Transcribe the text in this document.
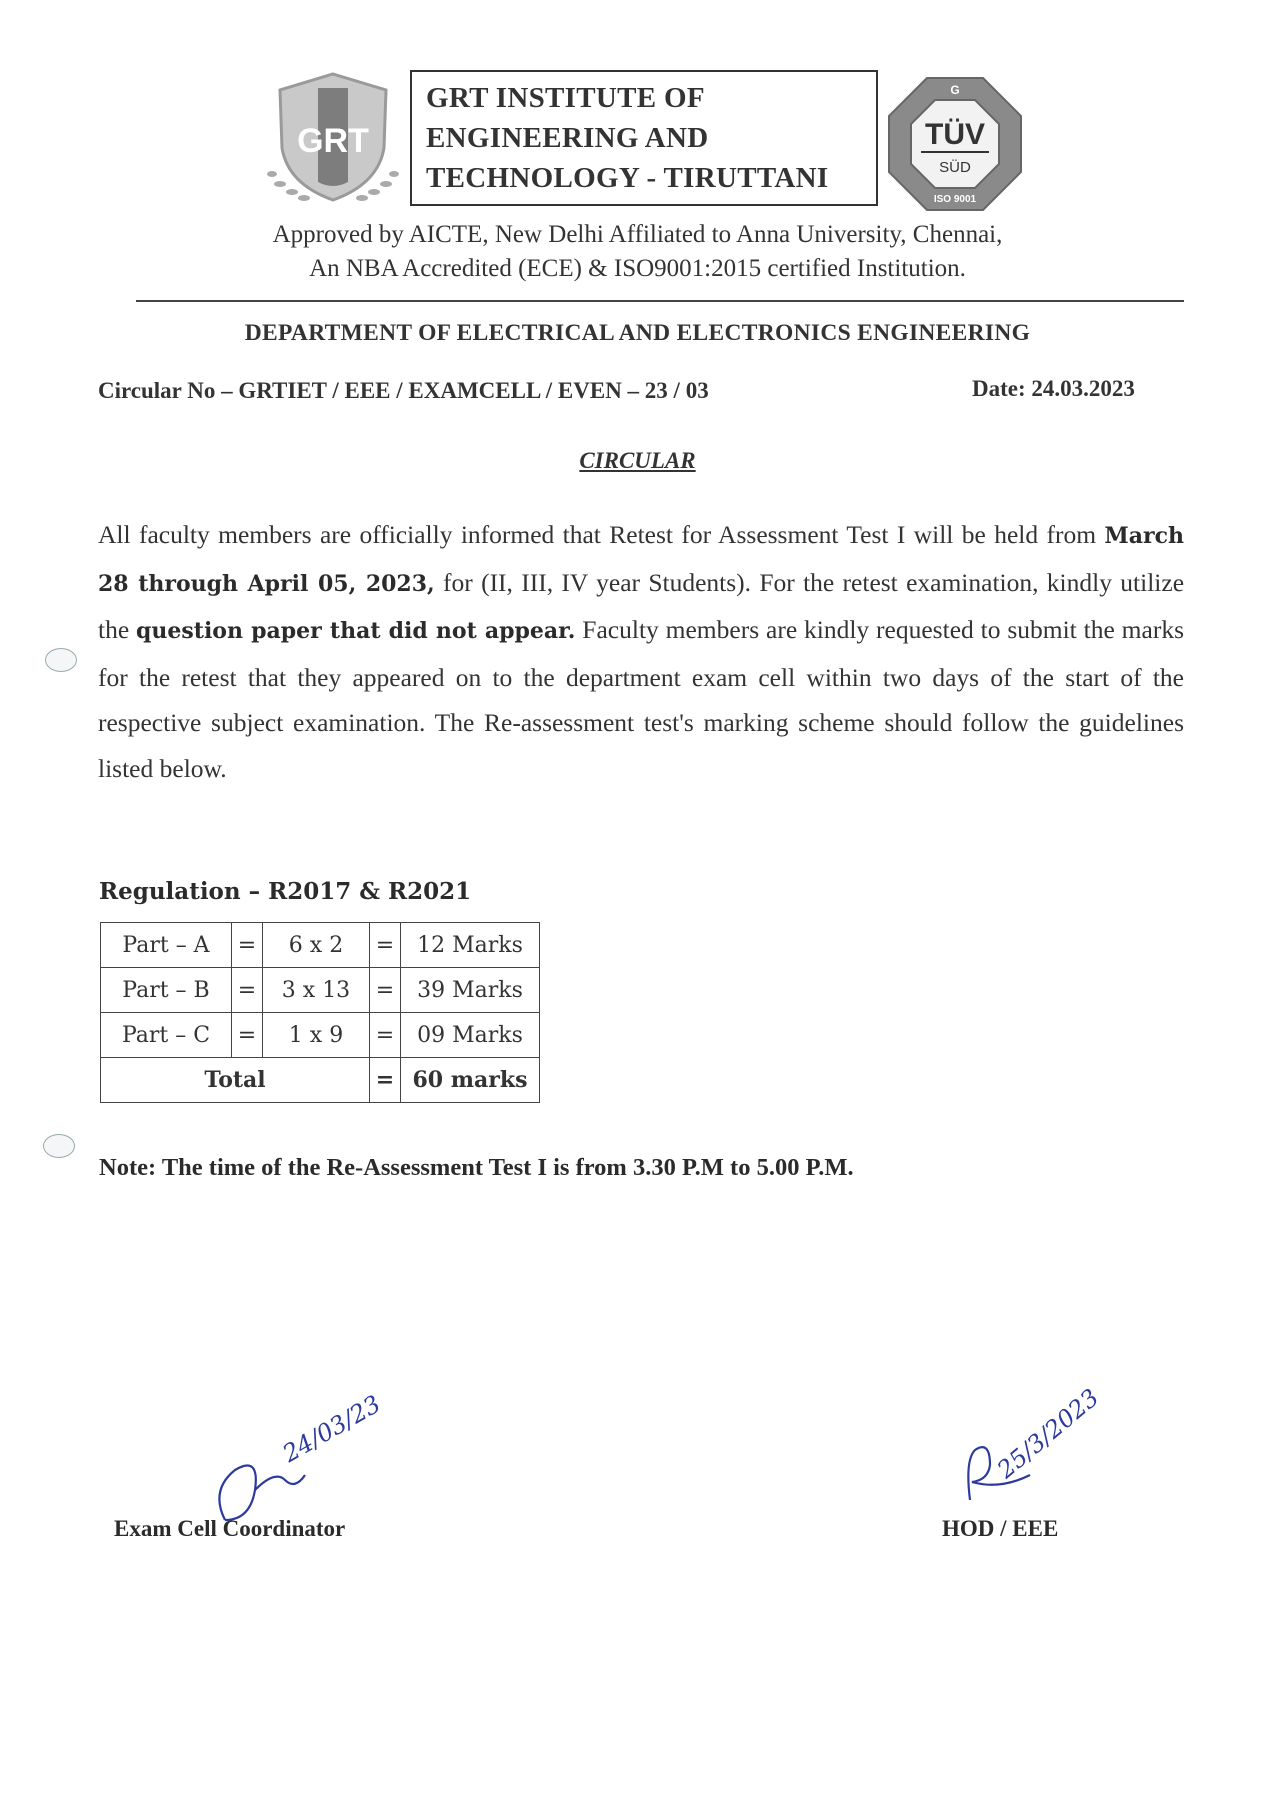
GRT
GRT INSTITUTE OF
ENGINEERING AND
TECHNOLOGY - TIRUTTANI
G
TÜV
SÜD
ISO 9001
Approved by AICTE, New Delhi Affiliated to Anna University, Chennai,
An NBA Accredited (ECE) & ISO9001:2015 certified Institution.
DEPARTMENT OF ELECTRICAL AND ELECTRONICS ENGINEERING
Circular No – GRTIET / EEE / EXAMCELL / EVEN – 23 / 03	Date: 24.03.2023
CIRCULAR
All faculty members are officially informed that Retest for Assessment Test I will be held from March 28 through April 05, 2023, for (II, III, IV year Students). For the retest examination, kindly utilize the question paper that did not appear. Faculty members are kindly requested to submit the marks for the retest that they appeared on to the department exam cell within two days of the start of the respective subject examination. The Re-assessment test's marking scheme should follow the guidelines listed below.
Regulation – R2017 & R2021
Part – A	=	6 x 2	=	12 Marks
Part – B	=	3 x 13	=	39 Marks
Part – C	=	1 x 9	=	09 Marks
Total			=	60 marks
Note: The time of the Re-Assessment Test I is from 3.30 P.M to 5.00 P.M.
24/03/23
Exam Cell Coordinator
25/3/2023
HOD / EEE
